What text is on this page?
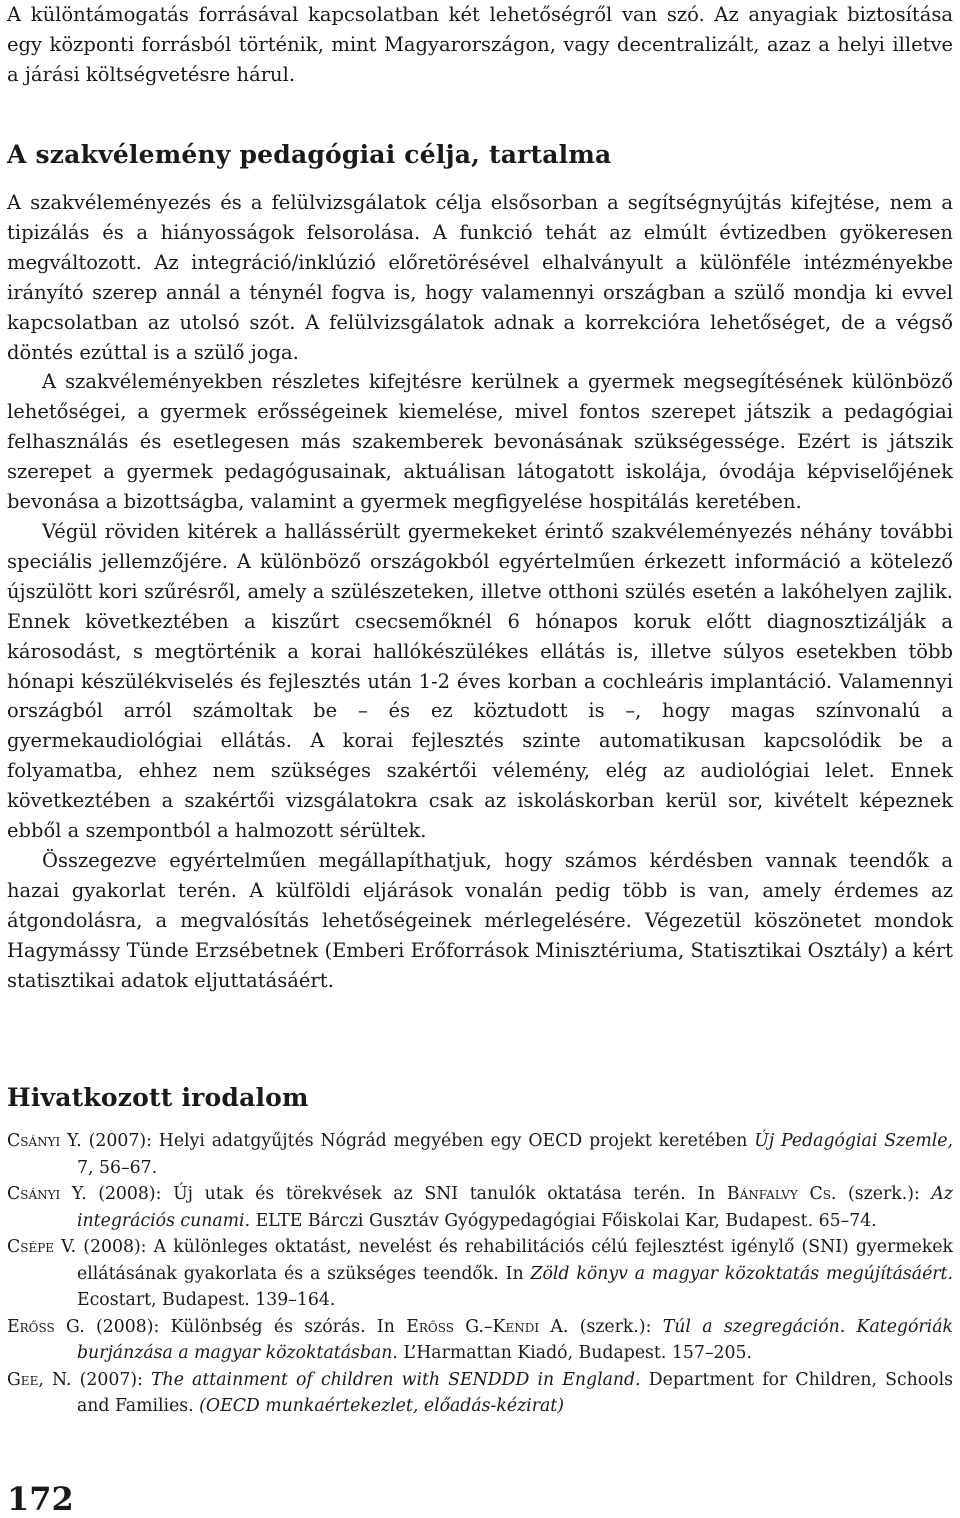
A különtámogatás forrásával kapcsolatban két lehetőségről van szó. Az anyagiak biztosítása egy központi forrásból történik, mint Magyarországon, vagy decentralizált, azaz a helyi illetve a járási költségvetésre hárul.

A szakvélemény pedagógiai célja, tartalma

A szakvéleményezés és a felülvizsgálatok célja elsősorban a segítségnyújtás kifejtése, nem a tipizálás és a hiányosságok felsorolása. A funkció tehát az elmúlt évtizedben gyökeresen megváltozott. Az integráció/inklúzió előretörésével elhalványult a különféle intézményekbe irányító szerep annál a ténynél fogva is, hogy valamennyi országban a szülő mondja ki evvel kapcsolatban az utolsó szót. A felülvizsgálatok adnak a korrekcióra lehetőséget, de a végső döntés ezúttal is a szülő joga.

A szakvéleményekben részletes kifejtésre kerülnek a gyermek megsegítésének különböző lehetőségei, a gyermek erősségeinek kiemelése, mivel fontos szerepet játszik a pedagógiai felhasználás és esetlegesen más szakemberek bevonásának szükségessége. Ezért is játszik szerepet a gyermek pedagógusainak, aktuálisan látogatott iskolája, óvodája képviselőjének bevonása a bizottságba, valamint a gyermek megfigyelése hospitálás keretében.

Végül röviden kitérek a hallássérült gyermekeket érintő szakvéleményezés néhány további speciális jellemzőjére. A különböző országokból egyértelműen érkezett információ a kötelező újszülött kori szűrésről, amely a szülészeteken, illetve otthoni szülés esetén a lakóhelyen zajlik. Ennek következtében a kiszűrt csecsemőknél 6 hónapos koruk előtt diagnosztizálják a károsodást, s megtörténik a korai hallókészülékes ellátás is, illetve súlyos esetekben több hónapi készülékviselés és fejlesztés után 1-2 éves korban a cochleáris implantáció. Valamennyi országból arról számoltak be – és ez köztudott is –, hogy magas színvonalú a gyermekaudiológiai ellátás. A korai fejlesztés szinte automatikusan kapcsolódik be a folyamatba, ehhez nem szükséges szakértői vélemény, elég az audiológiai lelet. Ennek következtében a szakértői vizsgálatokra csak az iskoláskorban kerül sor, kivételt képeznek ebből a szempontból a halmozott sérültek.

Összegezve egyértelműen megállapíthatjuk, hogy számos kérdésben vannak teendők a hazai gyakorlat terén. A külföldi eljárások vonalán pedig több is van, amely érdemes az átgondolásra, a megvalósítás lehetőségeinek mérlegelésére. Végezetül köszönetet mondok Hagymássy Tünde Erzsébetnek (Emberi Erőforrások Minisztériuma, Statisztikai Osztály) a kért statisztikai adatok eljuttatásáért.

Hivatkozott irodalom

Csányi Y. (2007): Helyi adatgyűjtés Nógrád megyében egy OECD projekt keretében Új Pedagógiai Szemle, 7, 56–67.

Csányi Y. (2008): Új utak és törekvések az SNI tanulók oktatása terén. In Bánfalvy Cs. (szerk.): Az integrációs cunami. ELTE Bárczi Gusztáv Gyógypedagógiai Főiskolai Kar, Budapest. 65–74.

Csépe V. (2008): A különleges oktatást, nevelést és rehabilitációs célú fejlesztést igénylő (SNI) gyermekek ellátásának gyakorlata és a szükséges teendők. In Zöld könyv a magyar közoktatás megújításáért. Ecostart, Budapest. 139–164.

Erőss G. (2008): Különbség és szórás. In Erőss G.–Kendi A. (szerk.): Túl a szegregáción. Kategóriák burjánzása a magyar közoktatásban. L’Harmattan Kiadó, Budapest. 157–205.

Gee, N. (2007): The attainment of children with SENDDD in England. Department for Children, Schools and Families. (OECD munkaértekezlet, előadás-kézirat)

172
